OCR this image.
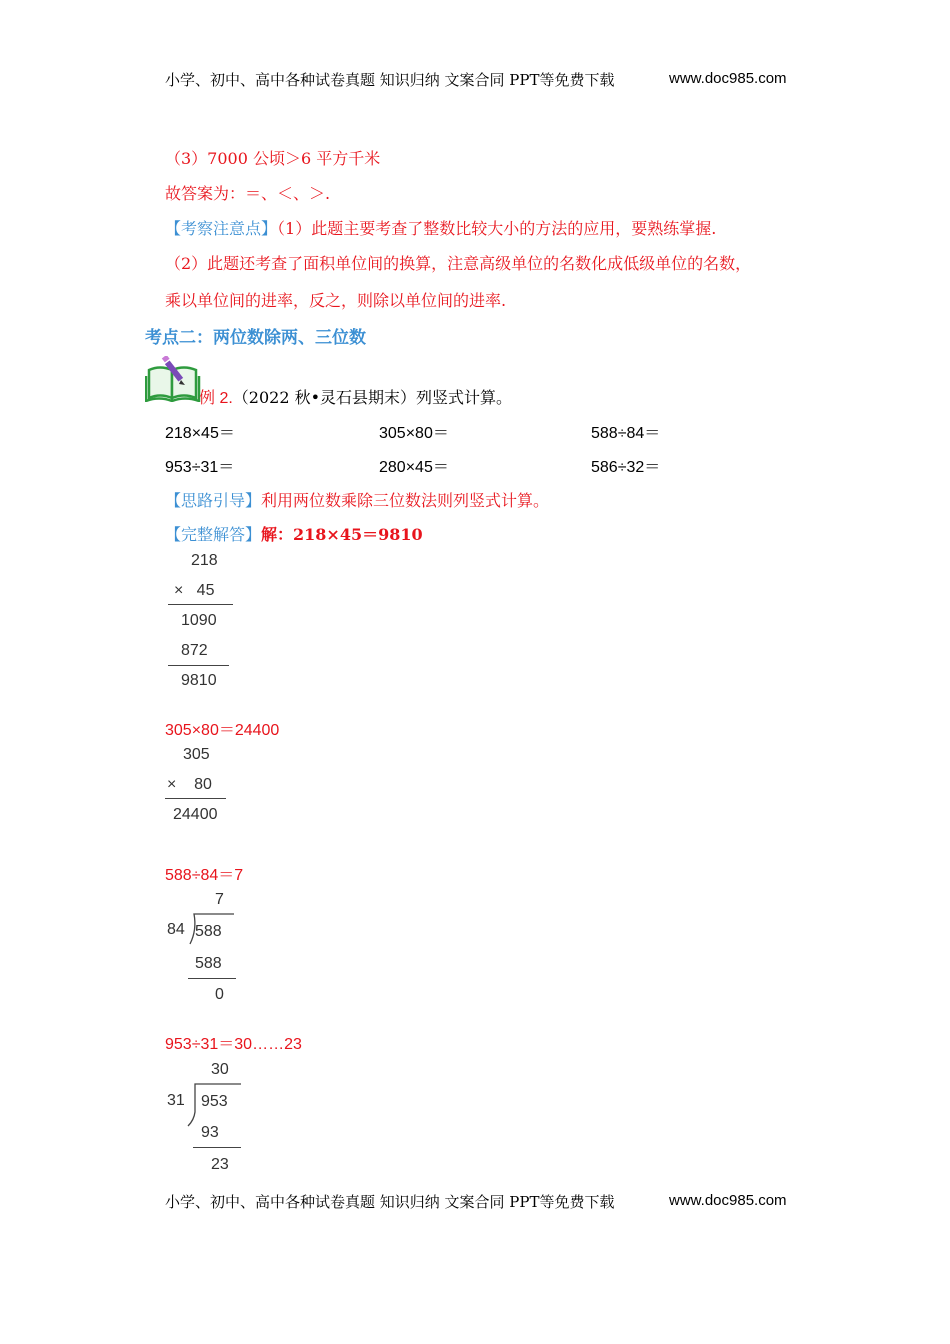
小学、初中、高中各种试卷真题 知识归纳 文案合同 PPT等免费下载	www.doc985.com
（3）7000 公顷＞6 平方千米
故答案为：＝、＜、＞.
【考察注意点】（1）此题主要考查了整数比较大小的方法的应用，要熟练掌握.
（2）此题还考查了面积单位间的换算，注意高级单位的名数化成低级单位的名数，
乘以单位间的进率，反之，则除以单位间的进率.
考点二：两位数除两、三位数
例 2.（2022 秋•灵石县期末）列竖式计算。
218×45＝	305×80＝	588÷84＝
953÷31＝	280×45＝	586÷32＝
【思路引导】利用两位数乘除三位数法则列竖式计算。
【完整解答】解：218×45＝9810
218
×   45
1090
872
9810
305×80＝24400
305
×    80
24400
588÷84＝7
7
84 588
588
0
953÷31＝30……23
30
31 953
93
23
小学、初中、高中各种试卷真题 知识归纳 文案合同 PPT等免费下载	www.doc985.com
